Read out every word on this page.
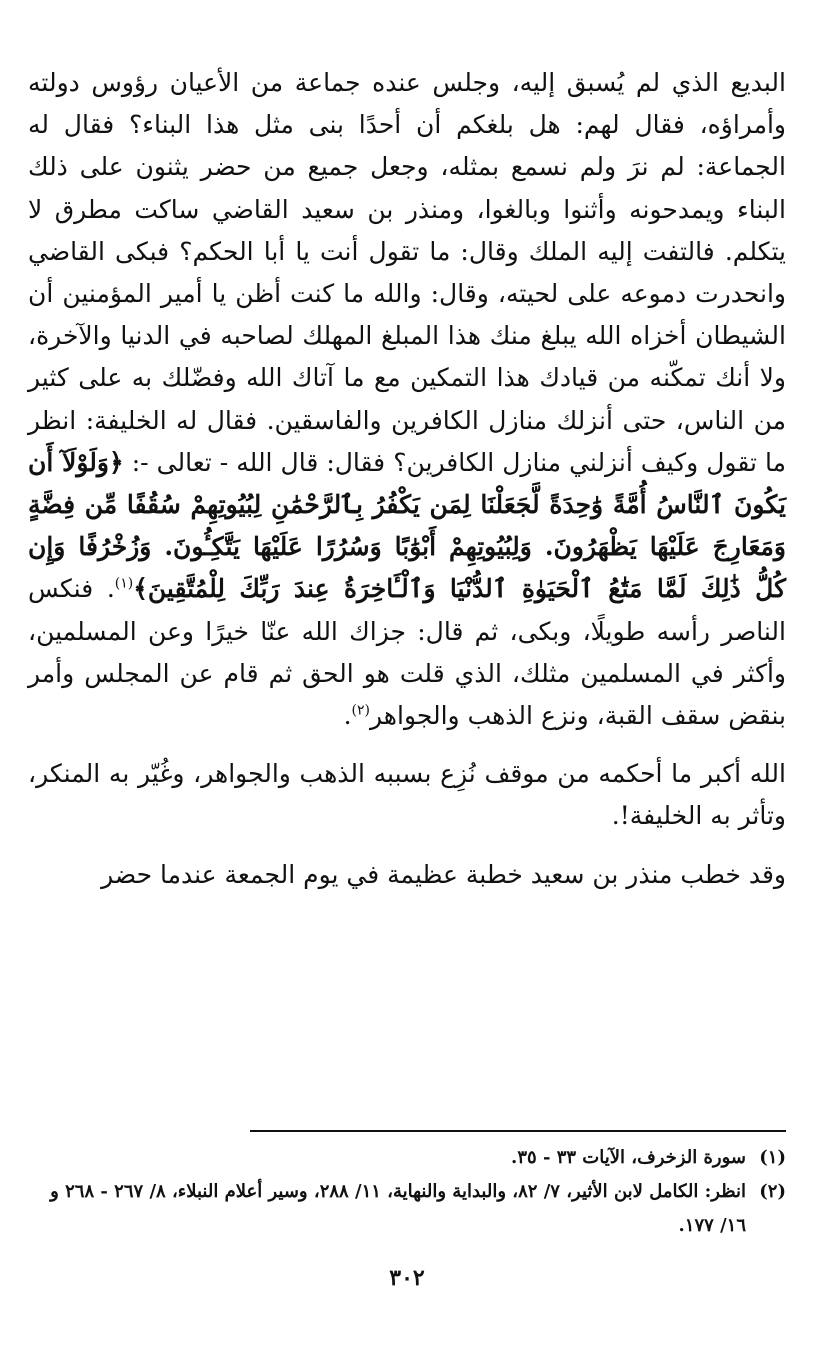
البديع الذي لم يُسبق إليه، وجلس عنده جماعة من الأعيان رؤوس دولته وأمراؤه، فقال لهم: هل بلغكم أن أحدًا بنى مثل هذا البناء؟ فقال له الجماعة: لم نرَ ولم نسمع بمثله، وجعل جميع من حضر يثنون على ذلك البناء ويمدحونه وأثنوا وبالغوا، ومنذر بن سعيد القاضي ساكت مطرق لا يتكلم. فالتفت إليه الملك وقال: ما تقول أنت يا أبا الحكم؟ فبكى القاضي وانحدرت دموعه على لحيته، وقال: والله ما كنت أظن يا أمير المؤمنين أن الشيطان أخزاه الله يبلغ منك هذا المبلغ المهلك لصاحبه في الدنيا والآخرة، ولا أنك تمكّنه من قيادك هذا التمكين مع ما آتاك الله وفضّلك به على كثير من الناس، حتى أنزلك منازل الكافرين والفاسقين. فقال له الخليفة: انظر ما تقول وكيف أنزلني منازل الكافرين؟ فقال: قال الله - تعالى -: ﴿وَلَوْلَآ أَن يَكُونَ ٱلنَّاسُ أُمَّةً وَٰحِدَةً لَّجَعَلْنَا لِمَن يَكْفُرُ بِٱلرَّحْمَٰنِ لِبُيُوتِهِمْ سُقُفًا مِّن فِضَّةٍ وَمَعَارِجَ عَلَيْهَا يَظْهَرُونَ. وَلِبُيُوتِهِمْ أَبْوَٰبًا وَسُرُرًا عَلَيْهَا يَتَّكِـُٔونَ. وَزُخْرُفًا وَإِن كُلُّ ذَٰلِكَ لَمَّا مَتَٰعُ ٱلْحَيَوٰةِ ٱلدُّنْيَا وَٱلْـَٔاخِرَةُ عِندَ رَبِّكَ لِلْمُتَّقِينَ﴾$^{(١)}$. فنكس الناصر رأسه طويلًا، وبكى، ثم قال: جزاك الله عنّا خيرًا وعن المسلمين، وأكثر في المسلمين مثلك، الذي قلت هو الحق ثم قام عن المجلس وأمر بنقض سقف القبة، ونزع الذهب والجواهر$^{(٢)}$.

الله أكبر ما أحكمه من موقف نُزِع بسببه الذهب والجواهر، وغُيّر به المنكر، وتأثر به الخليفة!.

وقد خطب منذر بن سعيد خطبة عظيمة في يوم الجمعة عندما حضر

(١)
سورة الزخرف، الآيات ٣٣ - ٣٥.
(٢)
انظر: الكامل لابن الأثير، ٧/ ٨٢، والبداية والنهاية، ١١/ ٢٨٨، وسير أعلام النبلاء، ٨/ ٢٦٧ - ٢٦٨ و ١٦/ ١٧٧.
٣٠٢
